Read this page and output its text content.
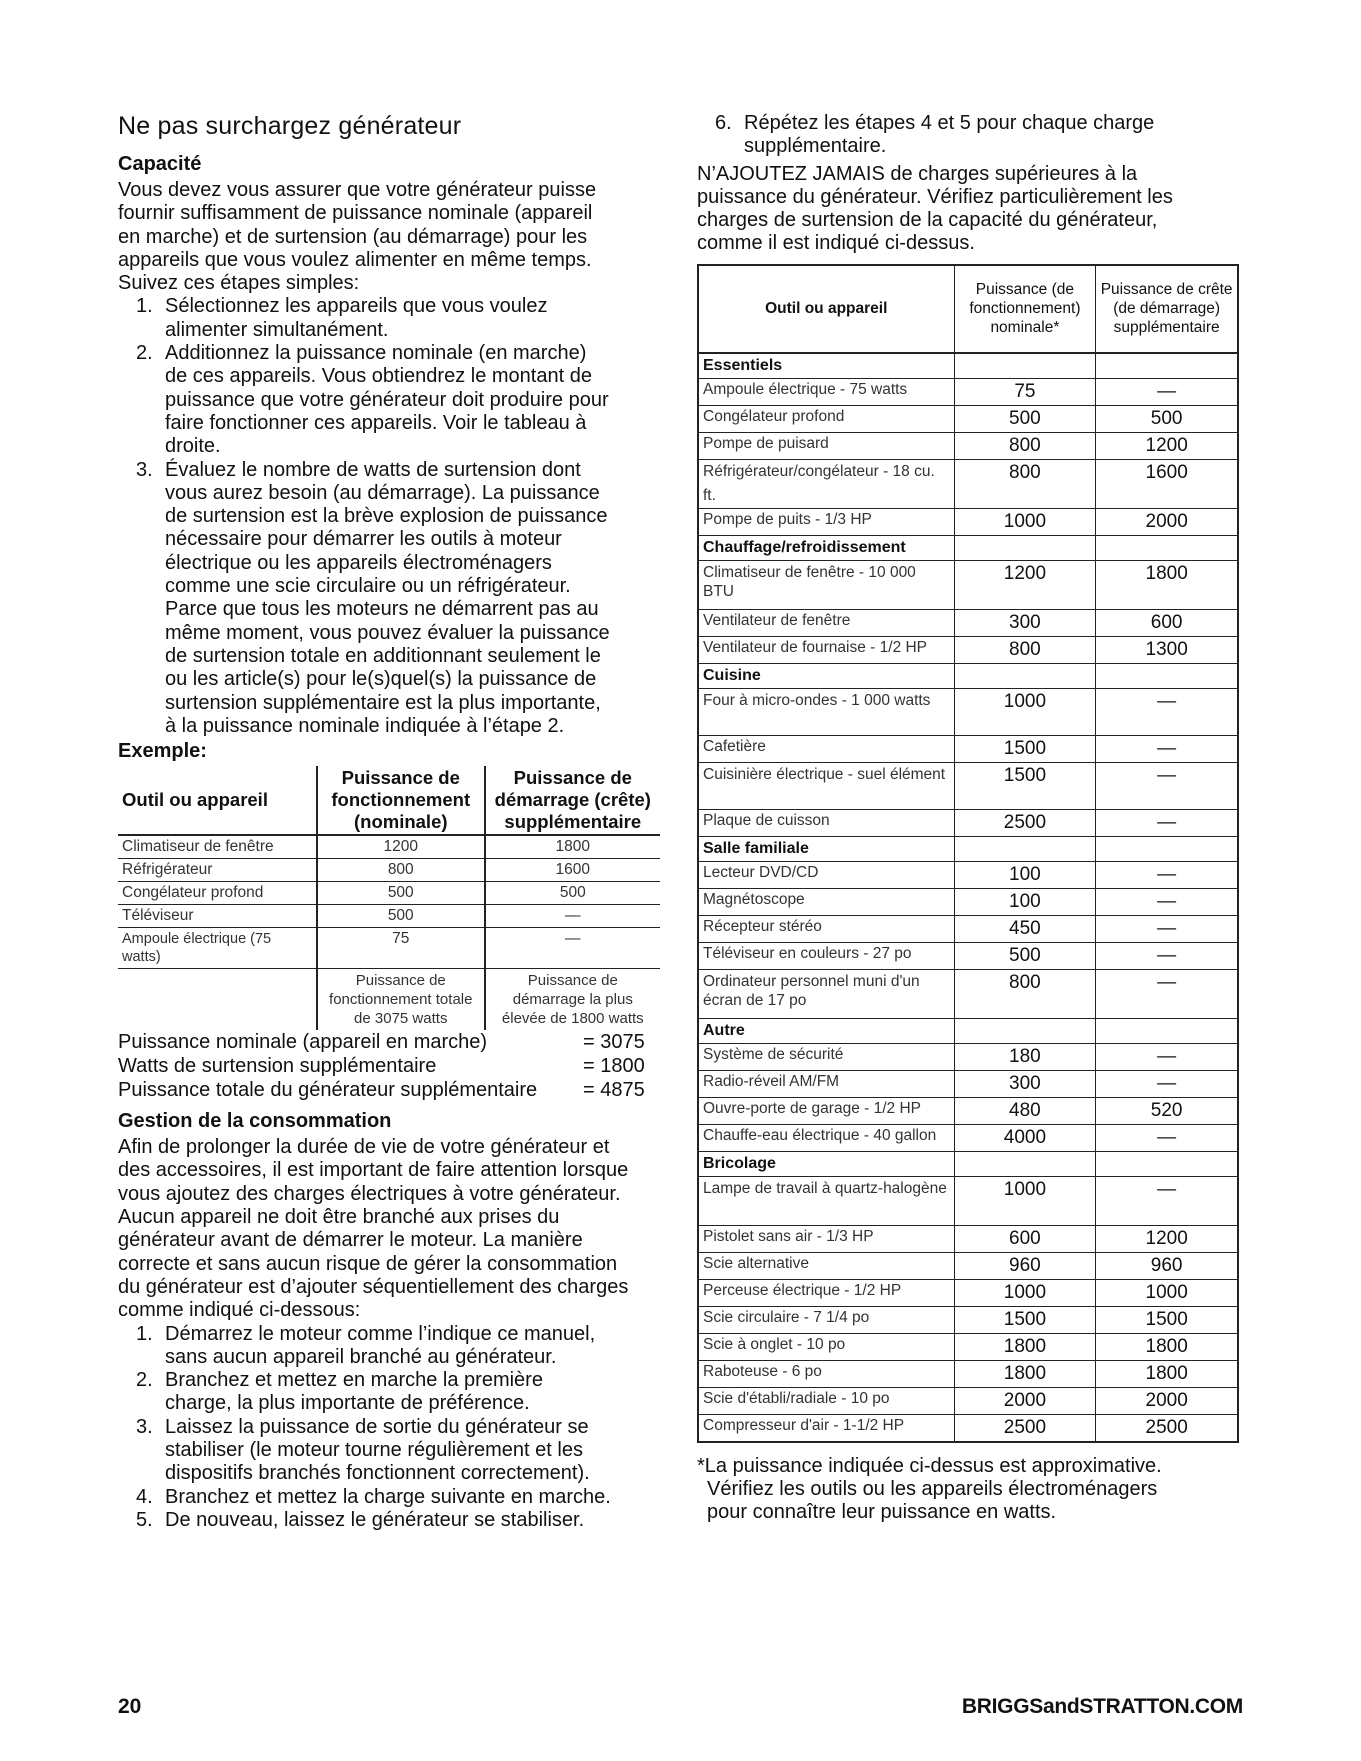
Ne pas surchargez générateur
Capacité

Vous devez vous assurer que votre générateur puisse
fournir suffisamment de puissance nominale (appareil
en marche) et de surtension (au démarrage) pour les
appareils que vous voulez alimenter en même temps.
Suivez ces étapes simples:

1. Sélectionnez les appareils que vous voulez
alimenter simultanément.
2. Additionnez la puissance nominale (en marche)
de ces appareils. Vous obtiendrez le montant de
puissance que votre générateur doit produire pour
faire fonctionner ces appareils. Voir le tableau à
droite.
3. Évaluez le nombre de watts de surtension dont
vous aurez besoin (au démarrage). La puissance
de surtension est la brève explosion de puissance
nécessaire pour démarrer les outils à moteur
électrique ou les appareils électroménagers
comme une scie circulaire ou un réfrigérateur.
Parce que tous les moteurs ne démarrent pas au
même moment, vous pouvez évaluer la puissance
de surtension totale en additionnant seulement le
ou les article(s) pour le(s)quel(s) la puissance de
surtension supplémentaire est la plus importante,
à la puissance nominale indiquée à l’étape 2.
Exemple:
Outil ou appareil	Puissance de fonctionnement (nominale)	Puissance de démarrage (crête) supplémentaire
Climatiseur de fenêtre	1200	1800
Réfrigérateur	800	1600
Congélateur profond	500	500
Téléviseur	500	—
Ampoule électrique (75 watts)	75	—
	Puissance de fonctionnement totale de 3075 watts	Puissance de démarrage la plus élevée de 1800 watts
Puissance nominale (appareil en marche)	= 3075
Watts de surtension supplémentaire	= 1800
Puissance totale du générateur supplémentaire = 4875
Gestion de la consommation

Afin de prolonger la durée de vie de votre générateur et
des accessoires, il est important de faire attention lorsque
vous ajoutez des charges électriques à votre générateur.
Aucun appareil ne doit être branché aux prises du
générateur avant de démarrer le moteur. La manière
correcte et sans aucun risque de gérer la consommation
du générateur est d’ajouter séquentiellement des charges
comme indiqué ci-dessous:

1. Démarrez le moteur comme l’indique ce manuel,
sans aucun appareil branché au générateur.
2. Branchez et mettez en marche la première
charge, la plus importante de préférence.
3. Laissez la puissance de sortie du générateur se
stabiliser (le moteur tourne régulièrement et les
dispositifs branchés fonctionnent correctement).
4. Branchez et mettez la charge suivante en marche.
5. De nouveau, laissez le générateur se stabiliser.
6. Répétez les étapes 4 et 5 pour chaque charge
supplémentaire.

N’AJOUTEZ JAMAIS de charges supérieures à la
puissance du générateur. Vérifiez particulièrement les
charges de surtension de la capacité du générateur,
comme il est indiqué ci-dessus.

Outil ou appareil	Puissance (de fonctionnement) nominale*	Puissance de crête (de démarrage) supplémentaire
Essentiels		
Ampoule électrique - 75 watts	75	—
Congélateur profond	500	500
Pompe de puisard	800	1200
Réfrigérateur/congélateur - 18 cu. ft.	800	1600
Pompe de puits - 1/3 HP	1000	2000
Chauffage/refroidissement		
Climatiseur de fenêtre - 10 000 BTU	1200	1800
Ventilateur de fenêtre	300	600
Ventilateur de fournaise - 1/2 HP	800	1300
Cuisine		
Four à micro-ondes - 1 000 watts	1000	—
Cafetière	1500	—
Cuisinière électrique - suel élément	1500	—
Plaque de cuisson	2500	—
Salle familiale		
Lecteur DVD/CD	100	—
Magnétoscope	100	—
Récepteur stéréo	450	—
Téléviseur en couleurs - 27 po	500	—
Ordinateur personnel muni d'un écran de 17 po	800	—
Autre		
Système de sécurité	180	—
Radio-réveil AM/FM	300	—
Ouvre-porte de garage - 1/2 HP	480	520
Chauffe-eau électrique - 40 gallon	4000	—
Bricolage		
Lampe de travail à quartz-halogène	1000	—
Pistolet sans air - 1/3 HP	600	1200
Scie alternative	960	960
Perceuse électrique - 1/2 HP	1000	1000
Scie circulaire - 7 1/4 po	1500	1500
Scie à onglet - 10 po	1800	1800
Raboteuse - 6 po	1800	1800
Scie d'établi/radiale - 10 po	2000	2000
Compresseur d'air - 1-1/2 HP	2500	2500
*La puissance indiquée ci-dessus est approximative.
Vérifiez les outils ou les appareils électroménagers
pour connaître leur puissance en watts.
20	BRIGGSandSTRATTON.COM
